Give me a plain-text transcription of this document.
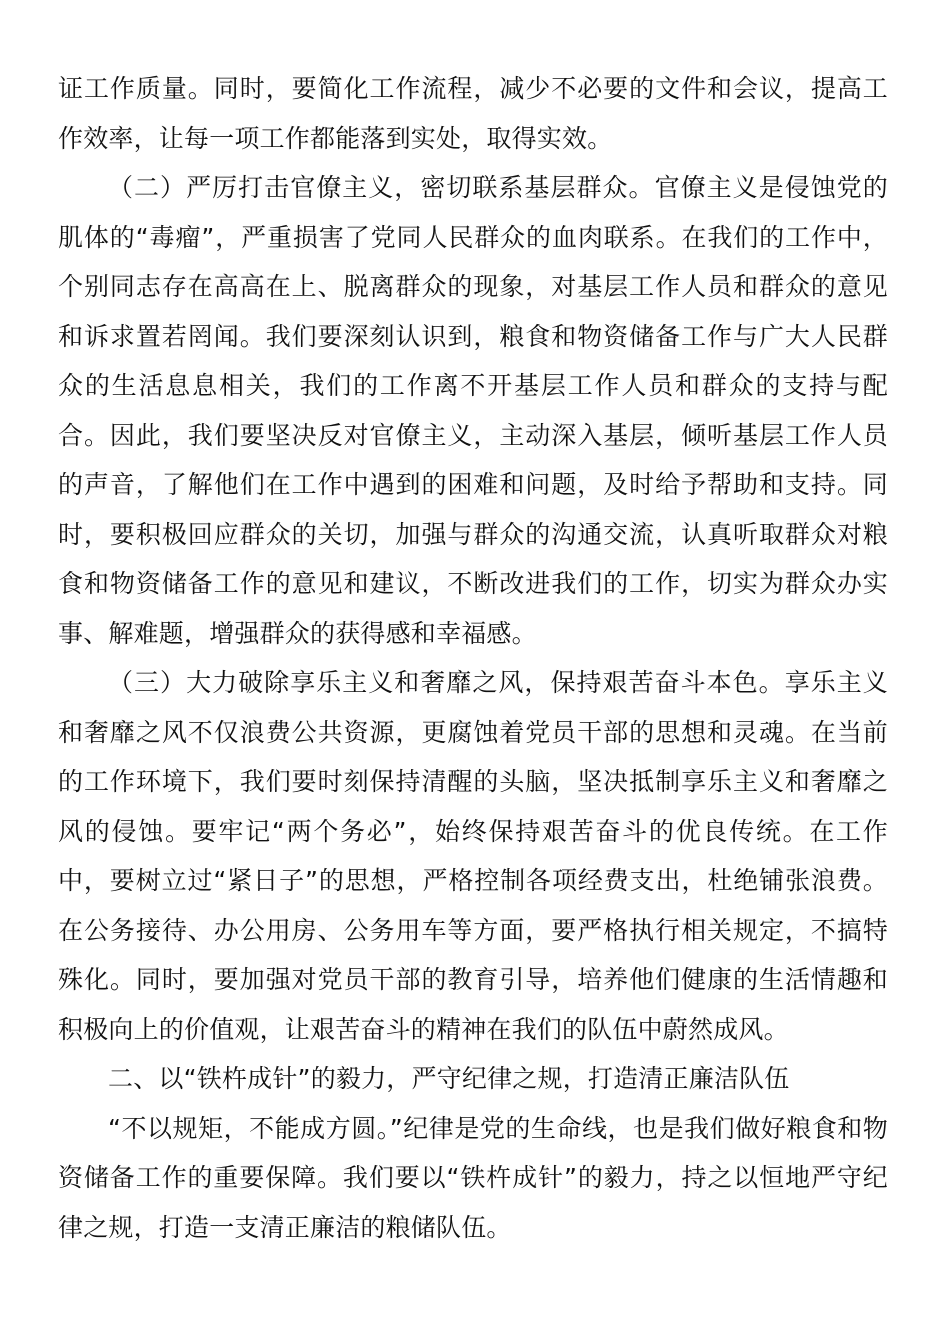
证工作质量。同时，要简化工作流程，减少不必要的文件和会议，提高工作效率，让每一项工作都能落到实处，取得实效。

（二）严厉打击官僚主义，密切联系基层群众。官僚主义是侵蚀党的肌体的“毒瘤”，严重损害了党同人民群众的血肉联系。在我们的工作中，个别同志存在高高在上、脱离群众的现象，对基层工作人员和群众的意见和诉求置若罔闻。我们要深刻认识到，粮食和物资储备工作与广大人民群众的生活息息相关，我们的工作离不开基层工作人员和群众的支持与配合。因此，我们要坚决反对官僚主义，主动深入基层，倾听基层工作人员的声音，了解他们在工作中遇到的困难和问题，及时给予帮助和支持。同时，要积极回应群众的关切，加强与群众的沟通交流，认真听取群众对粮食和物资储备工作的意见和建议，不断改进我们的工作，切实为群众办实事、解难题，增强群众的获得感和幸福感。

（三）大力破除享乐主义和奢靡之风，保持艰苦奋斗本色。享乐主义和奢靡之风不仅浪费公共资源，更腐蚀着党员干部的思想和灵魂。在当前的工作环境下，我们要时刻保持清醒的头脑，坚决抵制享乐主义和奢靡之风的侵蚀。要牢记“两个务必”，始终保持艰苦奋斗的优良传统。在工作中，要树立过“紧日子”的思想，严格控制各项经费支出，杜绝铺张浪费。在公务接待、办公用房、公务用车等方面，要严格执行相关规定，不搞特殊化。同时，要加强对党员干部的教育引导，培养他们健康的生活情趣和积极向上的价值观，让艰苦奋斗的精神在我们的队伍中蔚然成风。

二、以“铁杵成针”的毅力，严守纪律之规，打造清正廉洁队伍

“不以规矩，不能成方圆。”纪律是党的生命线，也是我们做好粮食和物资储备工作的重要保障。我们要以“铁杵成针”的毅力，持之以恒地严守纪律之规，打造一支清正廉洁的粮储队伍。
